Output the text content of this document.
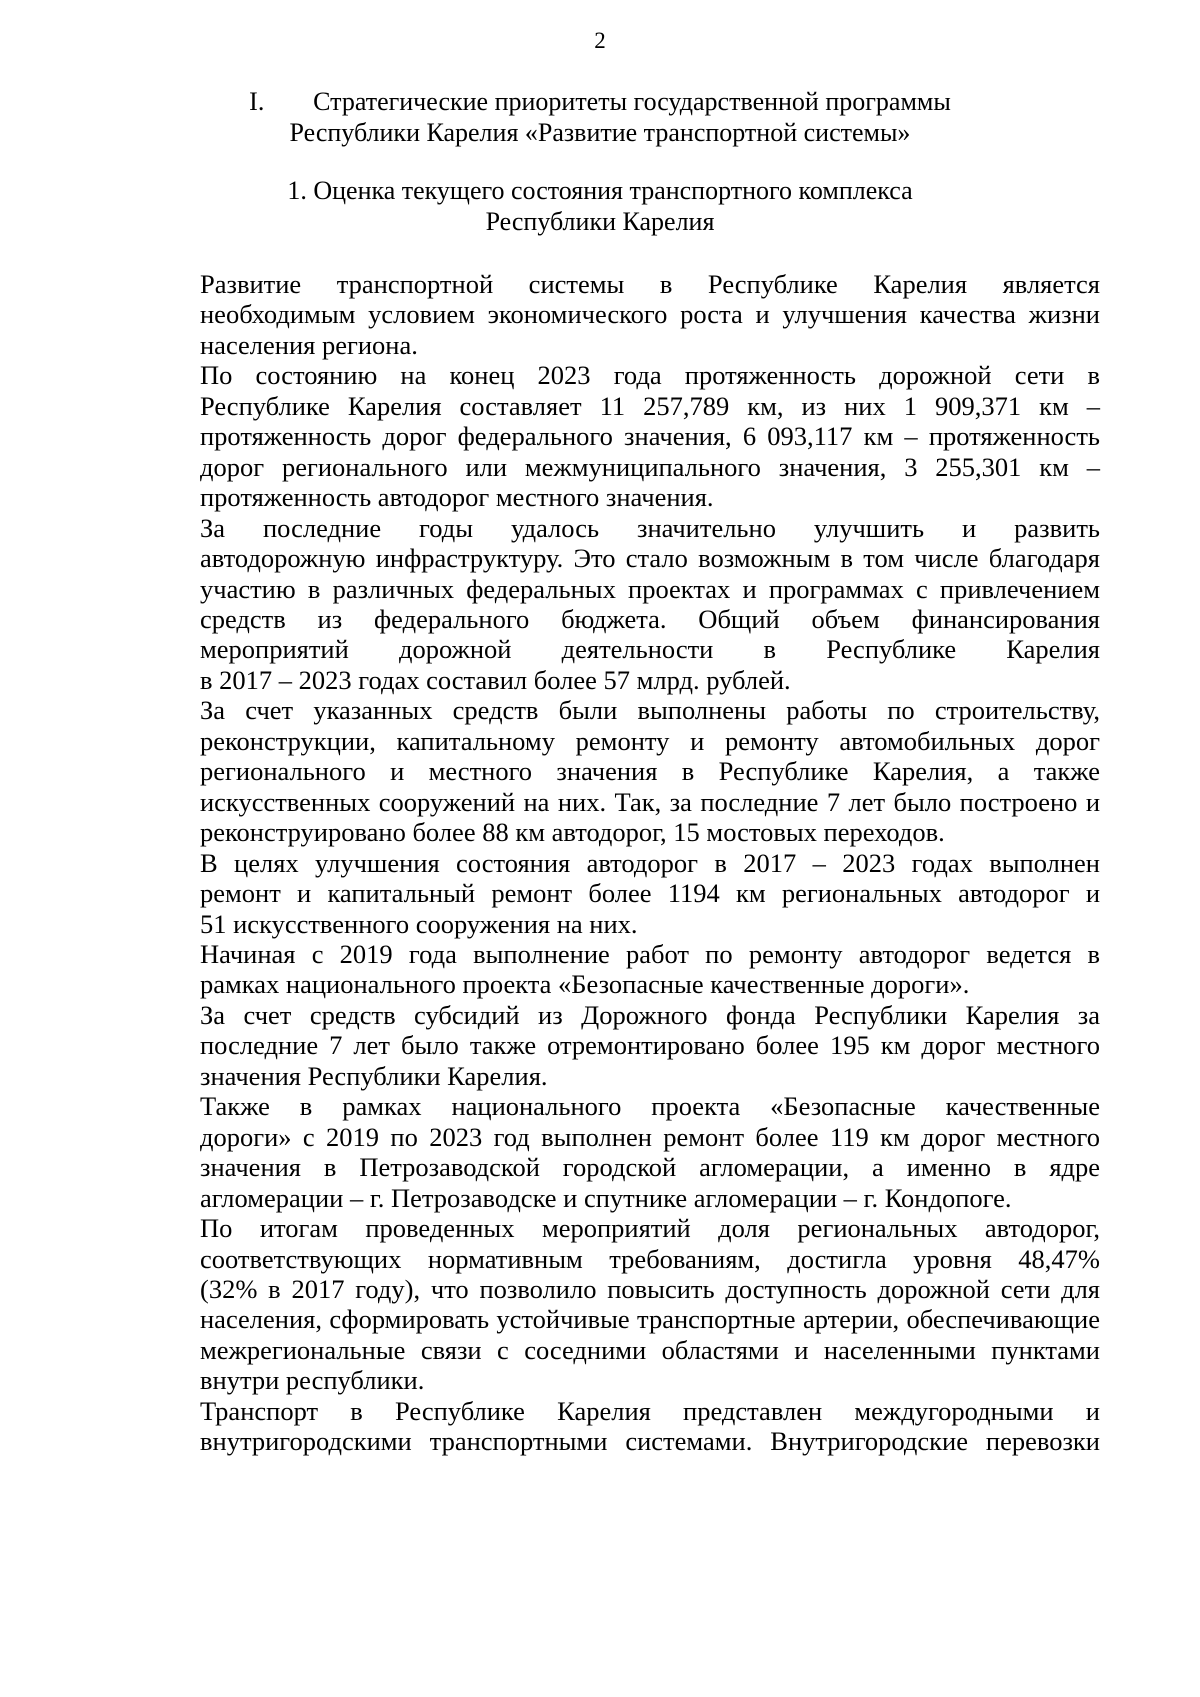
2
I. Стратегические приоритеты государственной программы
Республики Карелия «Развитие транспортной системы»
1. Оценка текущего состояния транспортного комплекса
Республики Карелия

Развитие транспортной системы в Республике Карелия является
необходимым условием экономического роста и улучшения качества жизни
населения региона.

По состоянию на конец 2023 года протяженность дорожной сети в
Республике Карелия составляет 11 257,789 км, из них 1 909,371 км –
протяженность дорог федерального значения, 6 093,117 км – протяженность
дорог регионального или межмуниципального значения, 3 255,301 км –
протяженность автодорог местного значения.

За последние годы удалось значительно улучшить и развить
автодорожную инфраструктуру. Это стало возможным в том числе благодаря
участию в различных федеральных проектах и программах с привлечением
средств из федерального бюджета. Общий объем финансирования
мероприятий дорожной деятельности в Республике Карелия
в 2017 – 2023 годах составил более 57 млрд. рублей.

За счет указанных средств были выполнены работы по строительству,
реконструкции, капитальному ремонту и ремонту автомобильных дорог
регионального и местного значения в Республике Карелия, а также
искусственных сооружений на них. Так, за последние 7 лет было построено и
реконструировано более 88 км автодорог, 15 мостовых переходов.

В целях улучшения состояния автодорог в 2017 – 2023 годах выполнен
ремонт и капитальный ремонт более 1194 км региональных автодорог и
51 искусственного сооружения на них.

Начиная с 2019 года выполнение работ по ремонту автодорог ведется в
рамках национального проекта «Безопасные качественные дороги».

За счет средств субсидий из Дорожного фонда Республики Карелия за
последние 7 лет было также отремонтировано более 195 км дорог местного
значения Республики Карелия.

Также в рамках национального проекта «Безопасные качественные
дороги» с 2019 по 2023 год выполнен ремонт более 119 км дорог местного
значения в Петрозаводской городской агломерации, а именно в ядре
агломерации – г. Петрозаводске и спутнике агломерации – г. Кондопоге.

По итогам проведенных мероприятий доля региональных автодорог,
соответствующих нормативным требованиям, достигла уровня 48,47%
(32% в 2017 году), что позволило повысить доступность дорожной сети для
населения, сформировать устойчивые транспортные артерии, обеспечивающие
межрегиональные связи с соседними областями и населенными пунктами
внутри республики.

Транспорт в Республике Карелия представлен междугородными и
внутригородскими транспортными системами. Внутригородские перевозки
